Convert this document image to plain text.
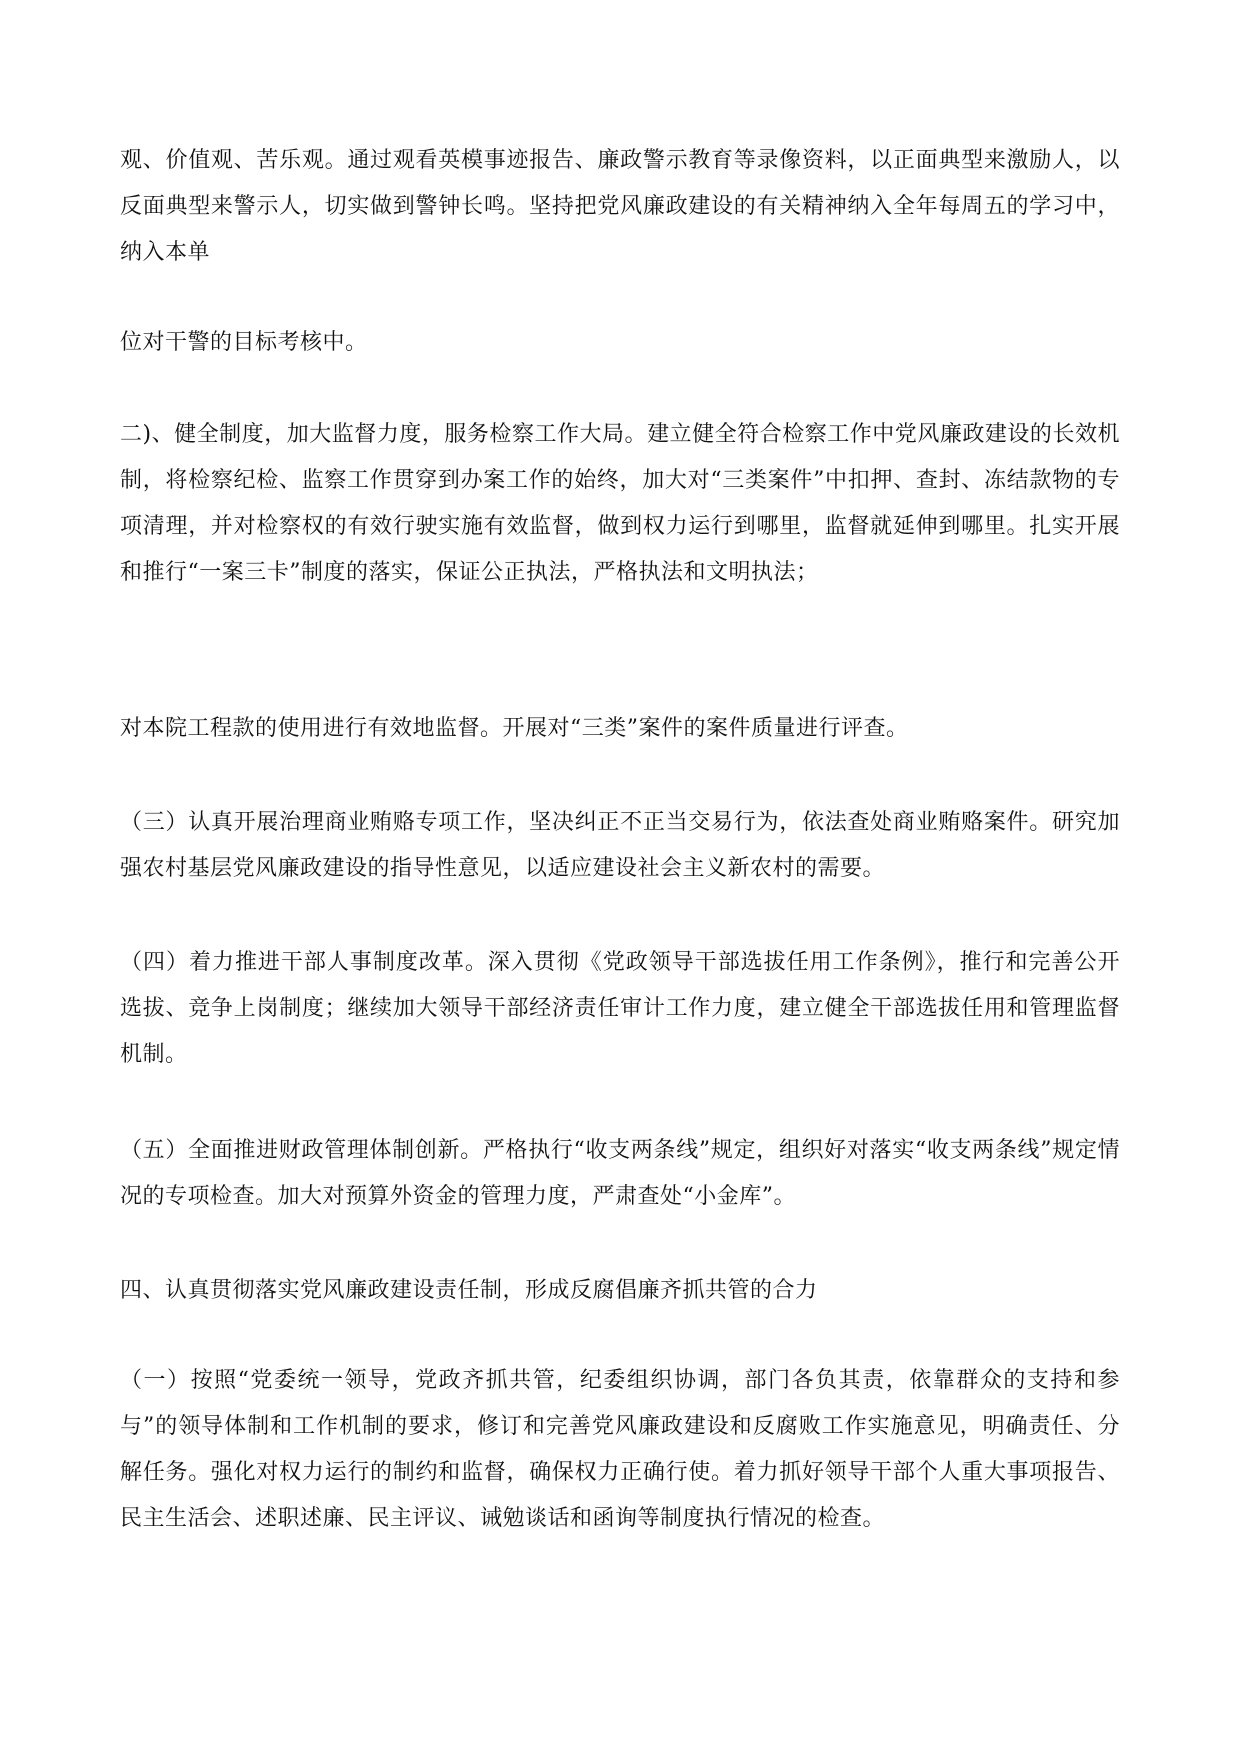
观、价值观、苦乐观。通过观看英模事迹报告、廉政警示教育等录像资料，以正面典型来激励人，以反面典型来警示人，切实做到警钟长鸣。坚持把党风廉政建设的有关精神纳入全年每周五的学习中，纳入本单

位对干警的目标考核中。

二)、健全制度，加大监督力度，服务检察工作大局。建立健全符合检察工作中党风廉政建设的长效机制，将检察纪检、监察工作贯穿到办案工作的始终，加大对“三类案件”中扣押、查封、冻结款物的专项清理，并对检察权的有效行驶实施有效监督，做到权力运行到哪里，监督就延伸到哪里。扎实开展和推行“一案三卡”制度的落实，保证公正执法，严格执法和文明执法；

对本院工程款的使用进行有效地监督。开展对“三类”案件的案件质量进行评查。

（三）认真开展治理商业贿赂专项工作，坚决纠正不正当交易行为，依法查处商业贿赂案件。研究加强农村基层党风廉政建设的指导性意见，以适应建设社会主义新农村的需要。

（四）着力推进干部人事制度改革。深入贯彻《党政领导干部选拔任用工作条例》，推行和完善公开选拔、竞争上岗制度；继续加大领导干部经济责任审计工作力度，建立健全干部选拔任用和管理监督机制。

（五）全面推进财政管理体制创新。严格执行“收支两条线”规定，组织好对落实“收支两条线”规定情况的专项检查。加大对预算外资金的管理力度，严肃查处“小金库”。

四、认真贯彻落实党风廉政建设责任制，形成反腐倡廉齐抓共管的合力

（一）按照“党委统一领导，党政齐抓共管，纪委组织协调，部门各负其责，依靠群众的支持和参与”的领导体制和工作机制的要求，修订和完善党风廉政建设和反腐败工作实施意见，明确责任、分解任务。强化对权力运行的制约和监督，确保权力正确行使。着力抓好领导干部个人重大事项报告、民主生活会、述职述廉、民主评议、诫勉谈话和函询等制度执行情况的检查。
